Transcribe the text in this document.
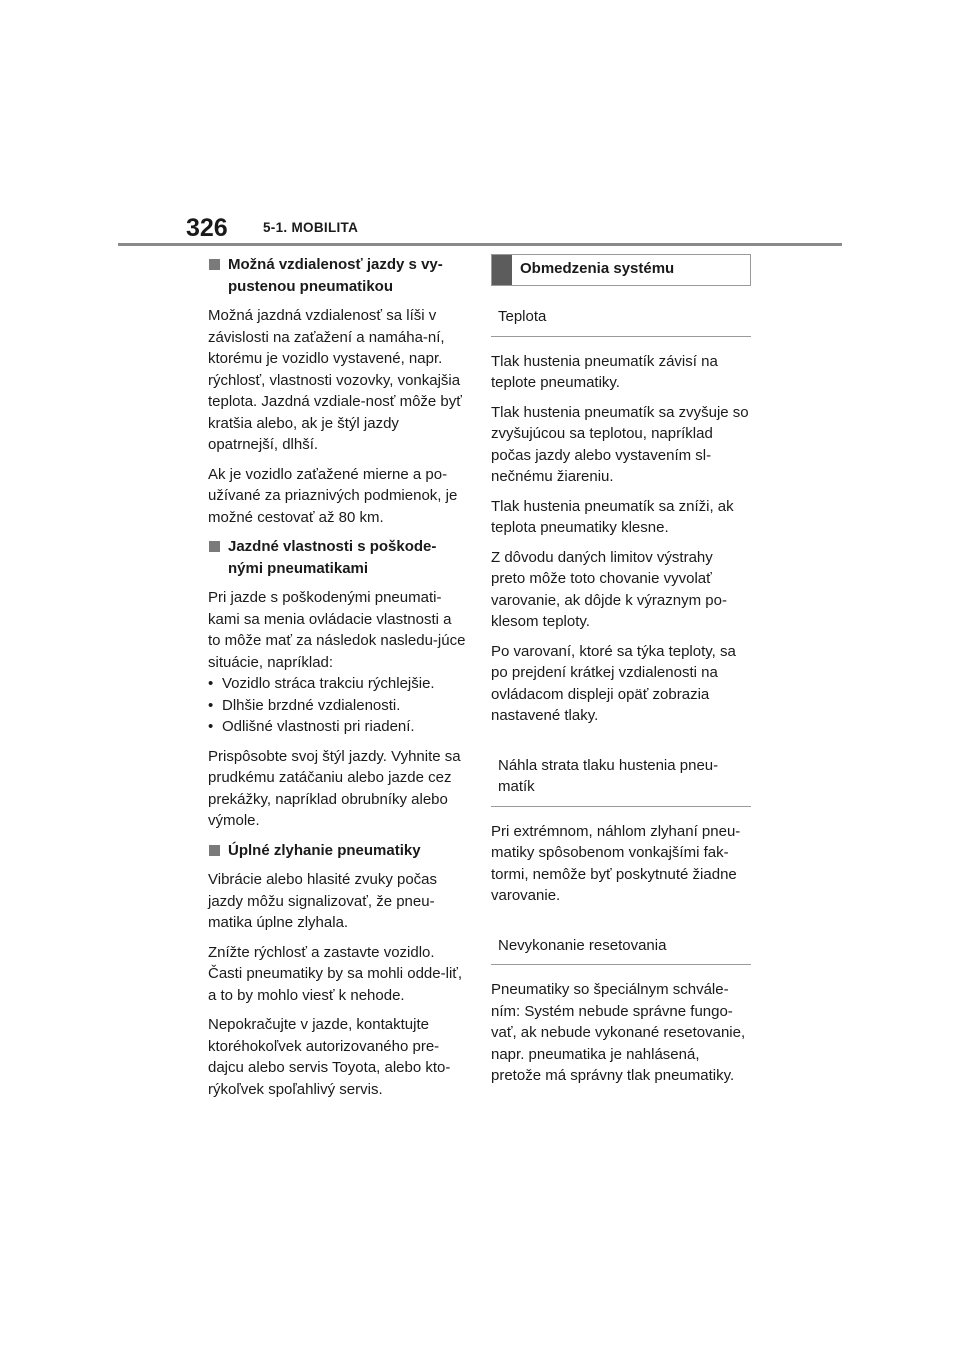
326	5-1. MOBILITA
Možná vzdialenosť jazdy s vy-pustenou pneumatikou

Možná jazdná vzdialenosť sa líši v závislosti na zaťažení a namáha-ní, ktorému je vozidlo vystavené, napr. rýchlosť, vlastnosti vozovky, vonkajšia teplota. Jazdná vzdiale-nosť môže byť kratšia alebo, ak je štýl jazdy opatrnejší, dlhší.

Ak je vozidlo zaťažené mierne a po-užívané za priaznivých podmienok, je možné cestovať až 80 km.

Jazdné vlastnosti s poškode-nými pneumatikami

Pri jazde s poškodenými pneumati-kami sa menia ovládacie vlastnosti a to môže mať za následok nasledu-júce situácie, napríklad:

• Vozidlo stráca trakciu rýchlejšie.
• Dlhšie brzdné vzdialenosti.
• Odlišné vlastnosti pri riadení.

Prispôsobte svoj štýl jazdy. Vyhnite sa prudkému zatáčaniu alebo jazde cez prekážky, napríklad obrubníky alebo výmole.

Úplné zlyhanie pneumatiky

Vibrácie alebo hlasité zvuky počas jazdy môžu signalizovať, že pneu-matika úplne zlyhala.

Znížte rýchlosť a zastavte vozidlo. Časti pneumatiky by sa mohli odde-liť, a to by mohlo viesť k nehode.

Nepokračujte v jazde, kontaktujte ktoréhokoľvek autorizovaného pre-dajcu alebo servis Toyota, alebo kto-rýkoľvek spoľahlivý servis.

Obmedzenia systému
Teplota

Tlak hustenia pneumatík závisí na teplote pneumatiky.

Tlak hustenia pneumatík sa zvyšuje so zvyšujúcou sa teplotou, napríklad počas jazdy alebo vystavením sl-nečnému žiareniu.

Tlak hustenia pneumatík sa zníži, ak teplota pneumatiky klesne.

Z dôvodu daných limitov výstrahy preto môže toto chovanie vyvolať varovanie, ak dôjde k výraznym po-klesom teploty.

Po varovaní, ktoré sa týka teploty, sa po prejdení krátkej vzdialenosti na ovládacom displeji opäť zobrazia nastavené tlaky.

Náhla strata tlaku hustenia pneu-matík

Pri extrémnom, náhlom zlyhaní pneu-matiky spôsobenom vonkajšími fak-tormi, nemôže byť poskytnuté žiadne varovanie.

Nevykonanie resetovania

Pneumatiky so špeciálnym schvále-ním: Systém nebude správne fungo-vať, ak nebude vykonané resetovanie, napr. pneumatika je nahlásená, pretože má správny tlak pneumatiky.
